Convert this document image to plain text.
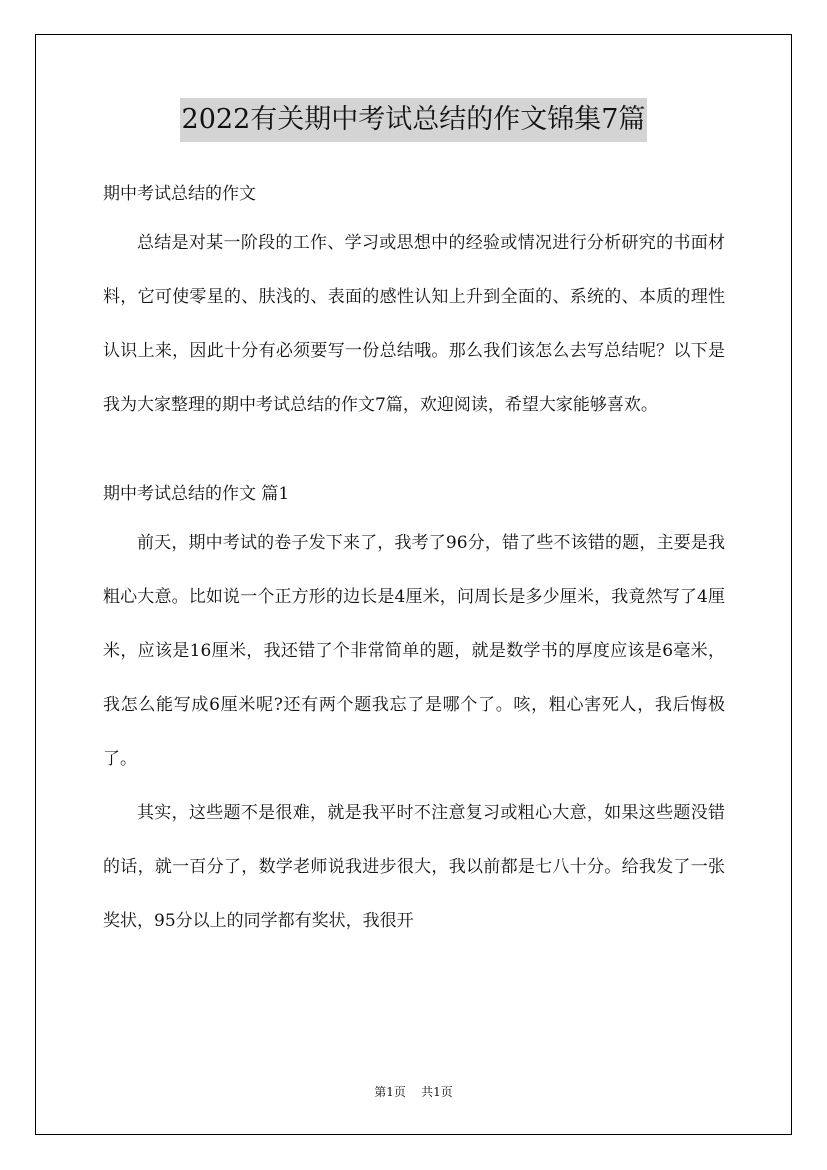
2022有关期中考试总结的作文锦集7篇

期中考试总结的作文

总结是对某一阶段的工作、学习或思想中的经验或情况进行分析研究的书面材料，它可使零星的、肤浅的、表面的感性认知上升到全面的、系统的、本质的理性认识上来，因此十分有必须要写一份总结哦。那么我们该怎么去写总结呢？以下是我为大家整理的期中考试总结的作文7篇，欢迎阅读，希望大家能够喜欢。

期中考试总结的作文 篇1

前天，期中考试的卷子发下来了，我考了96分，错了些不该错的题，主要是我粗心大意。比如说一个正方形的边长是4厘米，问周长是多少厘米，我竟然写了4厘米，应该是16厘米，我还错了个非常简单的题，就是数学书的厚度应该是6毫米，我怎么能写成6厘米呢?还有两个题我忘了是哪个了。咳，粗心害死人，我后悔极了。

其实，这些题不是很难，就是我平时不注意复习或粗心大意，如果这些题没错的话，就一百分了，数学老师说我进步很大，我以前都是七八十分。给我发了一张奖状，95分以上的同学都有奖状，我很开

第1页 共1页
